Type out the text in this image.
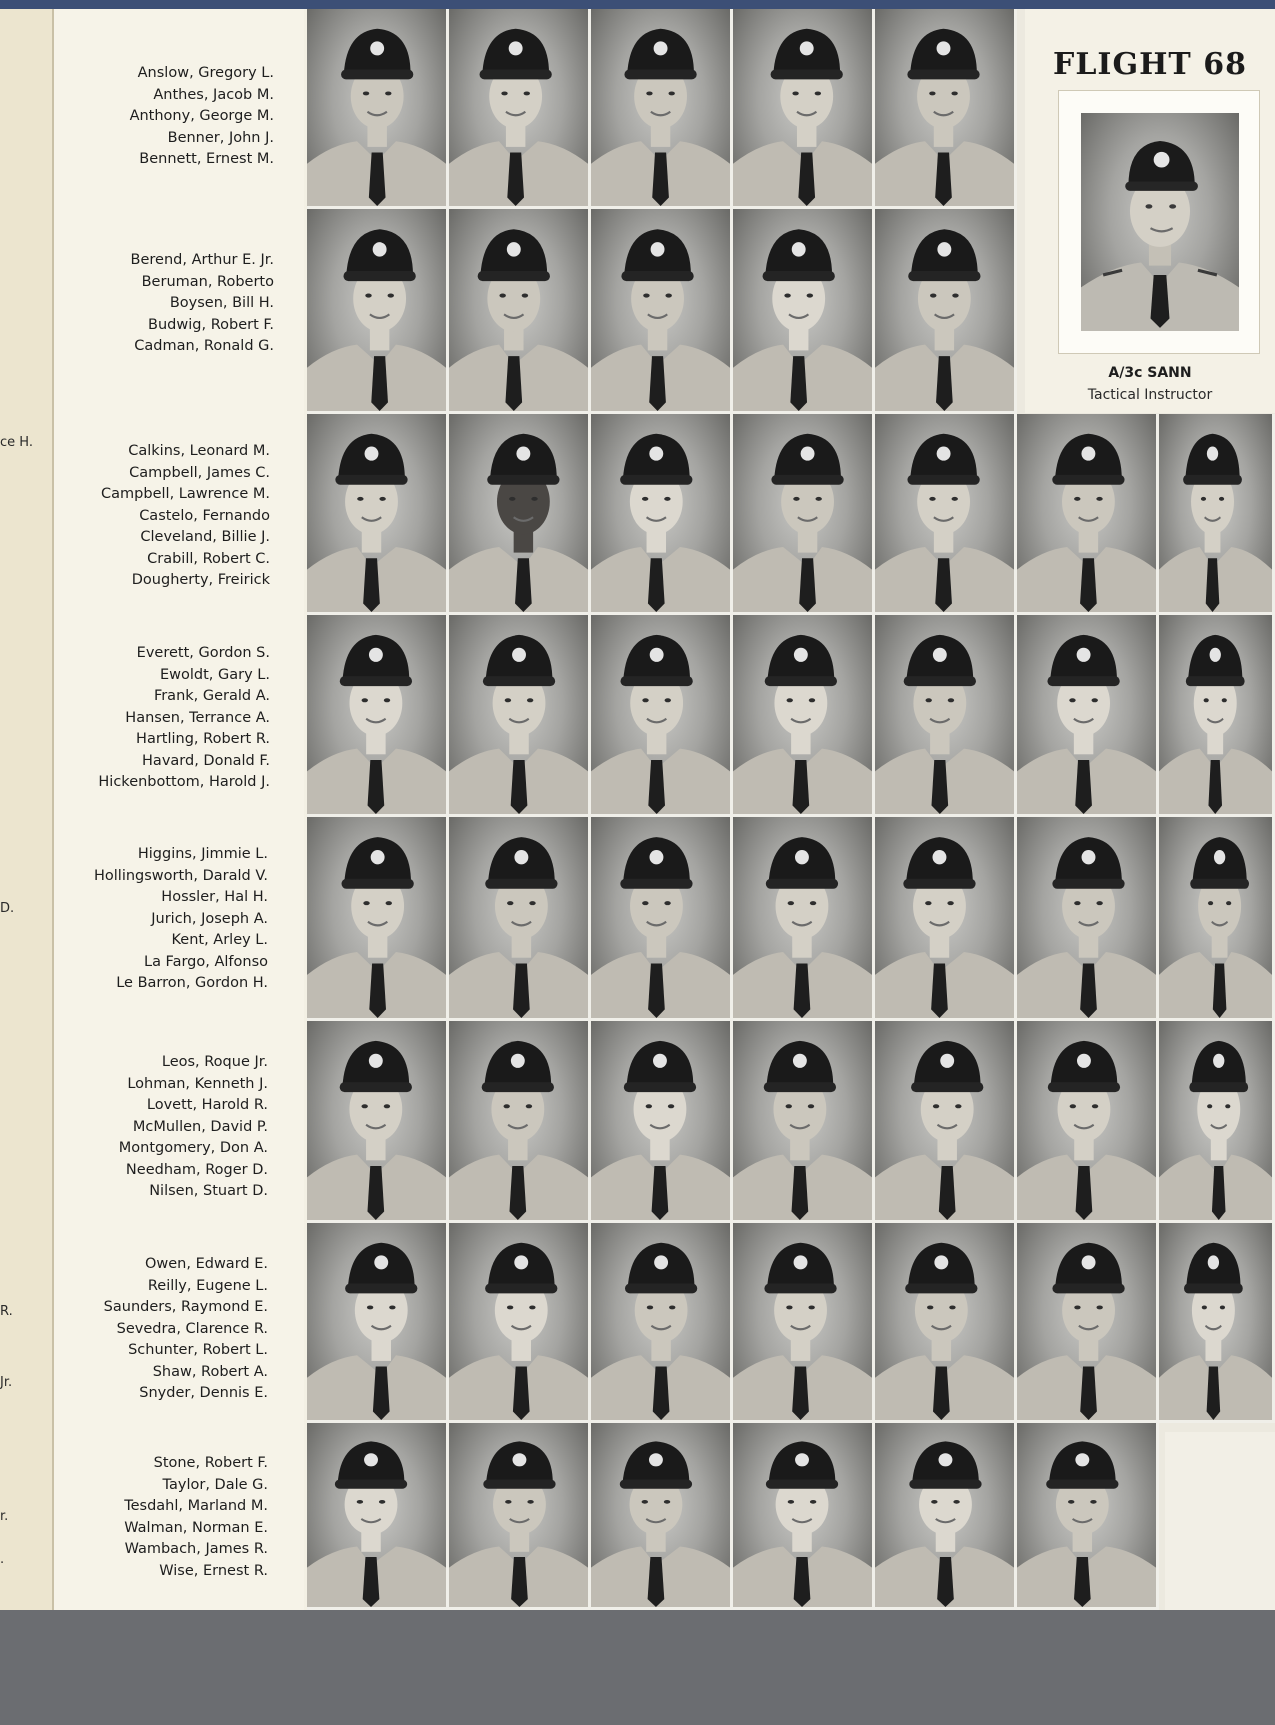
ce H.
D.
R.
Jr.
r.
.
Anslow, Gregory L.
Anthes, Jacob M.
Anthony, George M.
Benner, John J.
Bennett, Ernest M.
Berend, Arthur E. Jr.
Beruman, Roberto
Boysen, Bill H.
Budwig, Robert F.
Cadman, Ronald G.
Calkins, Leonard M.
Campbell, James C.
Campbell, Lawrence M.
Castelo, Fernando
Cleveland, Billie J.
Crabill, Robert C.
Dougherty, Freirick
Everett, Gordon S.
Ewoldt, Gary L.
Frank, Gerald A.
Hansen, Terrance A.
Hartling, Robert R.
Havard, Donald F.
Hickenbottom, Harold J.
Higgins, Jimmie L.
Hollingsworth, Darald V.
Hossler, Hal H.
Jurich, Joseph A.
Kent, Arley L.
La Fargo, Alfonso
Le Barron, Gordon H.
Leos, Roque Jr.
Lohman, Kenneth J.
Lovett, Harold R.
McMullen, David P.
Montgomery, Don A.
Needham, Roger D.
Nilsen, Stuart D.
Owen, Edward E.
Reilly, Eugene L.
Saunders, Raymond E.
Sevedra, Clarence R.
Schunter, Robert L.
Shaw, Robert A.
Snyder, Dennis E.
Stone, Robert F.
Taylor, Dale G.
Tesdahl, Marland M.
Walman, Norman E.
Wambach, James R.
Wise, Ernest R.
FLIGHT 68
A/3c SANN
Tactical Instructor
